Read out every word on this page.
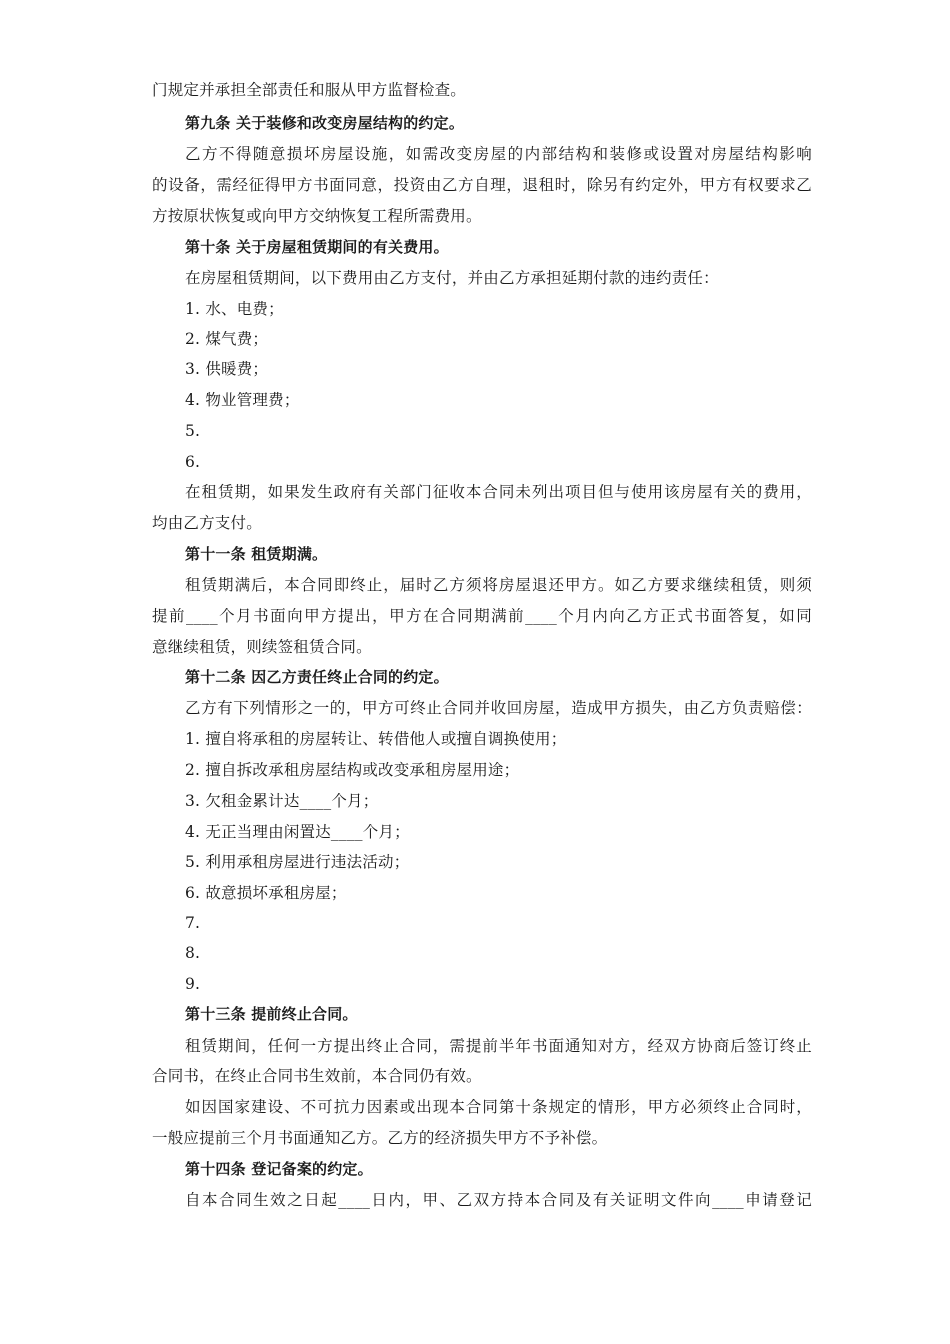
门规定并承担全部责任和服从甲方监督检查。
第九条 关于装修和改变房屋结构的约定。
乙方不得随意损坏房屋设施，如需改变房屋的内部结构和装修或设置对房屋结构影响
的设备，需经征得甲方书面同意，投资由乙方自理，退租时，除另有约定外，甲方有权要求乙
方按原状恢复或向甲方交纳恢复工程所需费用。
第十条 关于房屋租赁期间的有关费用。
在房屋租赁期间，以下费用由乙方支付，并由乙方承担延期付款的违约责任：
1. 水、电费；
2. 煤气费；
3. 供暖费；
4. 物业管理费；
5.
6.
在租赁期，如果发生政府有关部门征收本合同未列出项目但与使用该房屋有关的费用，
均由乙方支付。
第十一条 租赁期满。
租赁期满后，本合同即终止，届时乙方须将房屋退还甲方。如乙方要求继续租赁，则须
提前____个月书面向甲方提出，甲方在合同期满前____个月内向乙方正式书面答复，如同
意继续租赁，则续签租赁合同。
第十二条 因乙方责任终止合同的约定。
乙方有下列情形之一的，甲方可终止合同并收回房屋，造成甲方损失，由乙方负责赔偿：
1. 擅自将承租的房屋转让、转借他人或擅自调换使用；
2. 擅自拆改承租房屋结构或改变承租房屋用途；
3. 欠租金累计达____个月；
4. 无正当理由闲置达____个月；
5. 利用承租房屋进行违法活动；
6. 故意损坏承租房屋；
7.
8.
9.
第十三条 提前终止合同。
租赁期间，任何一方提出终止合同，需提前半年书面通知对方，经双方协商后签订终止
合同书，在终止合同书生效前，本合同仍有效。
如因国家建设、不可抗力因素或出现本合同第十条规定的情形，甲方必须终止合同时，
一般应提前三个月书面通知乙方。乙方的经济损失甲方不予补偿。
第十四条 登记备案的约定。
自本合同生效之日起____日内，甲、乙双方持本合同及有关证明文件向____申请登记
